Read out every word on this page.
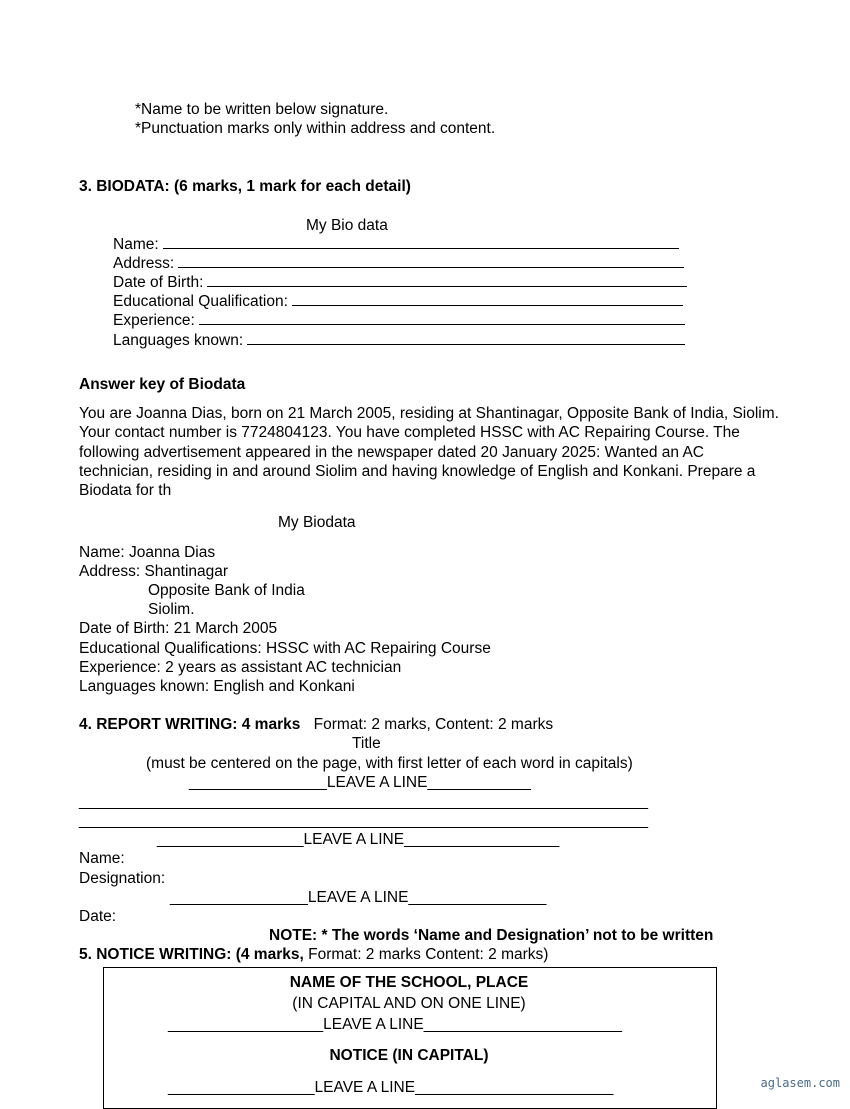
*Name to be written below signature.
*Punctuation marks only within address and content.
3. BIODATA: (6 marks, 1 mark for each detail)
My Bio data
Name:
Address:
Date of Birth:
Educational Qualification:
Experience:
Languages known:
Answer key of Biodata
You are Joanna Dias, born on 21 March 2005, residing at Shantinagar, Opposite Bank of India, Siolim. Your contact number is 7724804123. You have completed HSSC with AC Repairing Course. The following advertisement appeared in the newspaper dated 20 January 2025: Wanted an AC technician, residing in and around Siolim and having knowledge of English and Konkani. Prepare a Biodata for th
My Biodata
Name: Joanna Dias
Address: Shantinagar
Opposite Bank of India
Siolim.
Date of Birth: 21 March 2005
Educational Qualifications: HSSC with AC Repairing Course
Experience: 2 years as assistant AC technician
Languages known: English and Konkani
4. REPORT WRITING: 4 marks Format: 2 marks, Content: 2 marks
Title
(must be centered on the page, with first letter of each word in capitals)
________________LEAVE A LINE____________
__________________________________________________________________
__________________________________________________________________
_________________LEAVE A LINE__________________
Name:
Designation:
________________LEAVE A LINE________________
Date:
NOTE: * The words ‘Name and Designation’ not to be written
5. NOTICE WRITING: (4 marks, Format: 2 marks Content: 2 marks)
NAME OF THE SCHOOL, PLACE
(IN CAPITAL AND ON ONE LINE)
__________________LEAVE A LINE_______________________
NOTICE (IN CAPITAL)
_________________LEAVE A LINE_______________________	aglasem.com
